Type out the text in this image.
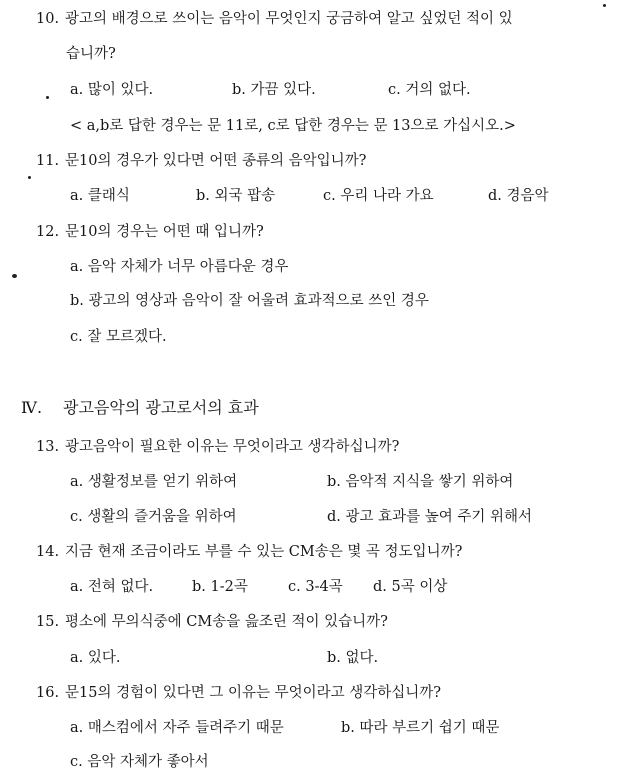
10. 광고의 배경으로 쓰이는 음악이 무엇인지 궁금하여 알고 싶었던 적이 있
습니까?
a. 많이 있다.	b. 가끔 있다.	c. 거의 없다.
< a,b로 답한 경우는 문 11로, c로 답한 경우는 문 13으로 가십시오.>
11. 문10의 경우가 있다면 어떤 종류의 음악입니까?
a. 클래식	b. 외국 팝송	c. 우리 나라 가요	d. 경음악
12. 문10의 경우는 어떤 때 입니까?
a. 음악 자체가 너무 아름다운 경우
b. 광고의 영상과 음악이 잘 어울려 효과적으로 쓰인 경우
c. 잘 모르겠다.
Ⅳ. 광고음악의 광고로서의 효과
13. 광고음악이 필요한 이유는 무엇이라고 생각하십니까?
a. 생활정보를 얻기 위하여	b. 음악적 지식을 쌓기 위하여
c. 생활의 즐거움을 위하여	d. 광고 효과를 높여 주기 위해서
14. 지금 현재 조금이라도 부를 수 있는 CM송은 몇 곡 정도입니까?
a. 전혀 없다.	b. 1-2곡	c. 3-4곡 d. 5곡 이상
15. 평소에 무의식중에 CM송을 읊조린 적이 있습니까?
a. 있다.	b. 없다.
16. 문15의 경험이 있다면 그 이유는 무엇이라고 생각하십니까?
a. 매스컴에서 자주 들려주기 때문	b. 따라 부르기 쉽기 때문
c. 음악 자체가 좋아서
